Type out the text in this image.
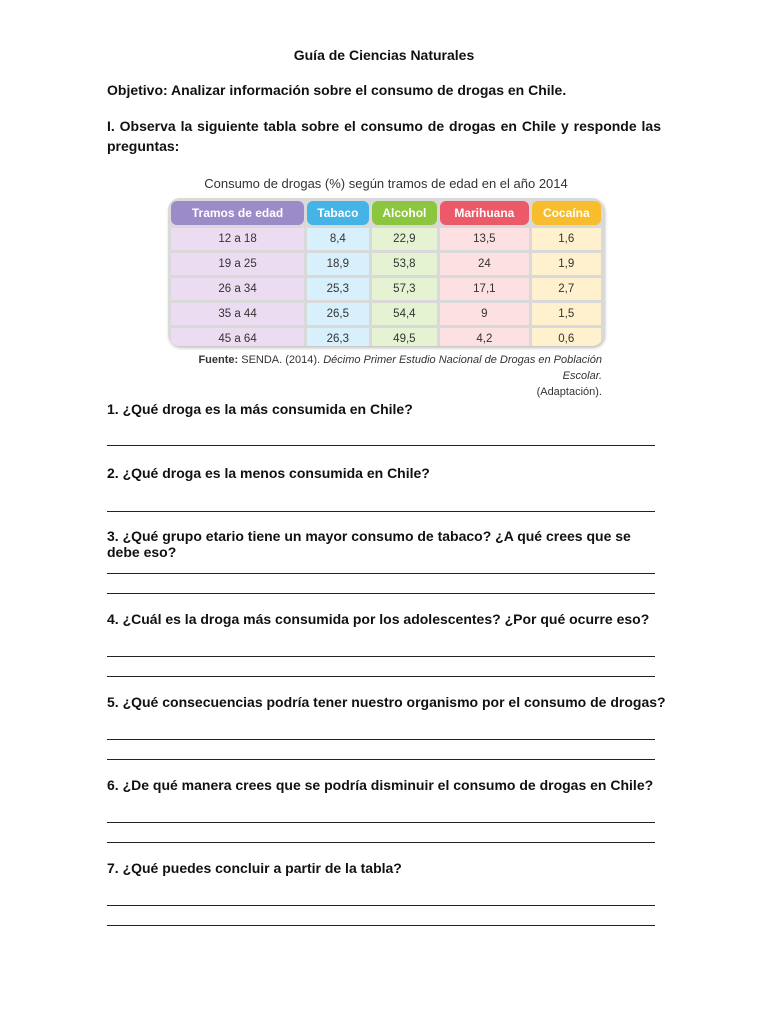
Guía de Ciencias Naturales
Objetivo: Analizar información sobre el consumo de drogas en Chile.
I. Observa la siguiente tabla sobre el consumo de drogas en Chile y responde las preguntas:
Consumo de drogas (%) según tramos de edad en el año 2014
Tramos de edad	Tabaco	Alcohol	Marihuana	Cocaína
12 a 18	8,4	22,9	13,5	1,6
19 a 25	18,9	53,8	24	1,9
26 a 34	25,3	57,3	17,1	2,7
35 a 44	26,5	54,4	9	1,5
45 a 64	26,3	49,5	4,2	0,6
Fuente: SENDA. (2014). Décimo Primer Estudio Nacional de Drogas en Población Escolar.
(Adaptación).
1. ¿Qué droga es la más consumida en Chile?
2. ¿Qué droga es la menos consumida en Chile?
3. ¿Qué grupo etario tiene un mayor consumo de tabaco? ¿A qué crees que se debe eso?
4. ¿Cuál es la droga más consumida por los adolescentes? ¿Por qué ocurre eso?
5. ¿Qué consecuencias podría tener nuestro organismo por el consumo de drogas?
6. ¿De qué manera crees que se podría disminuir el consumo de drogas en Chile?
7. ¿Qué puedes concluir a partir de la tabla?
